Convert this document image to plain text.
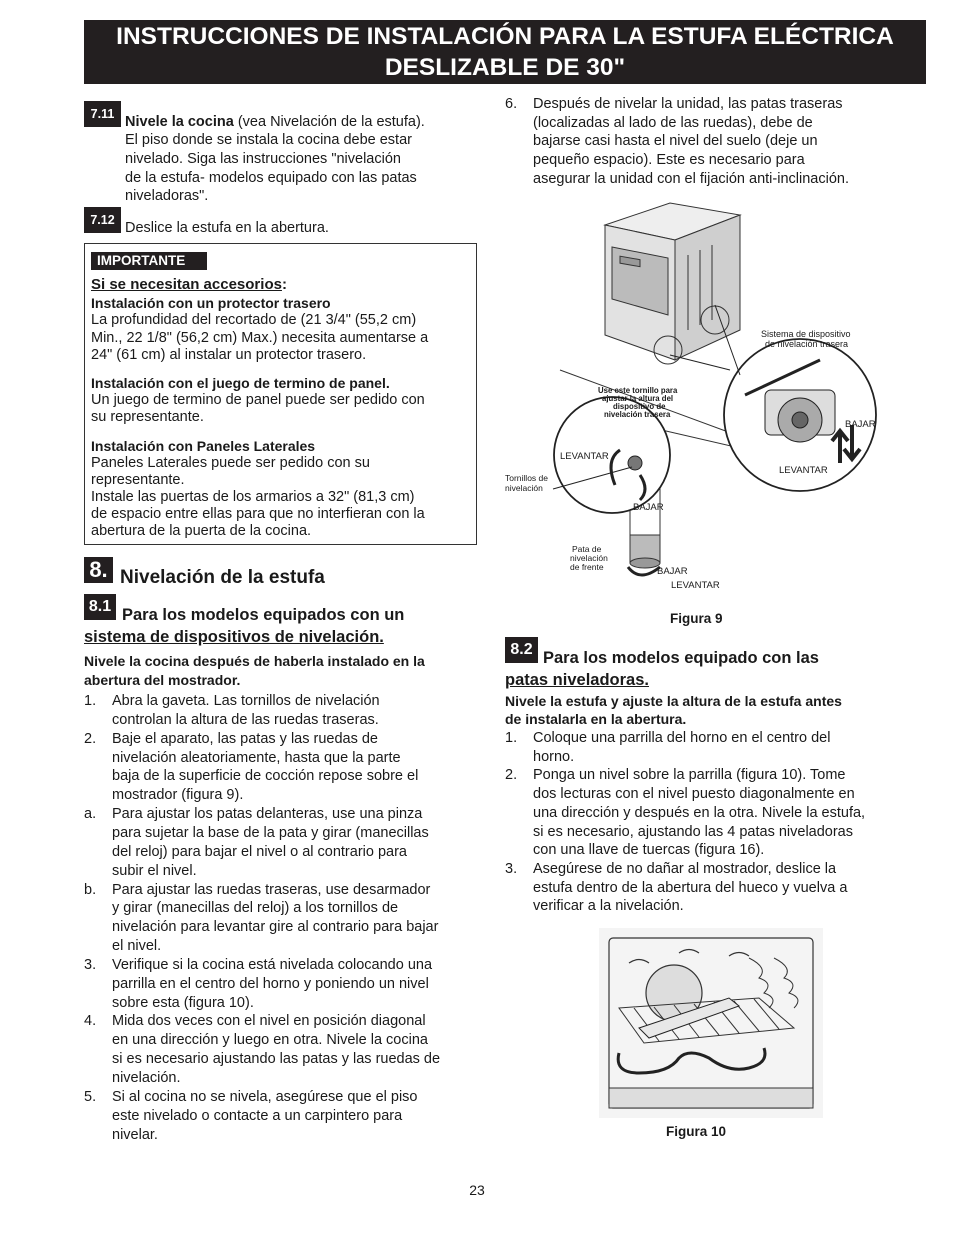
INSTRUCCIONES DE INSTALACIÓN PARA LA ESTUFA ELÉCTRICA
DESLIZABLE DE 30"
7.11 Nivele la cocina (vea Nivelación de la estufa).
El piso donde se instala la cocina debe estar
nivelado. Siga las instrucciones "nivelación
de la estufa- modelos equipado con las patas
niveladoras".
7.12 Deslice la estufa en la abertura.
IMPORTANTE
Si se necesitan accesorios:
Instalación con un protector trasero
La profundidad del recortado de (21 3/4" (55,2 cm)
Min., 22 1/8" (56,2 cm) Max.) necesita aumentarse a
24" (61 cm) al instalar un protector trasero.
Instalación con el juego de termino de panel.
Un juego de termino de panel puede ser pedido con
su representante.
Instalación con Paneles Laterales
Paneles Laterales puede ser pedido con su
representante.
Instale las puertas de los armarios a 32" (81,3 cm)
de espacio entre ellas para que no interfieran con la
abertura de la puerta de la cocina.
8. Nivelación de la estufa
8.1 Para los modelos equipados con un
sistema de dispositivos de nivelación.
Nivele la cocina después de haberla instalado en la
abertura del mostrador.
1. Abra la gaveta. Las tornillos de nivelación
controlan la altura de las ruedas traseras.
2. Baje el aparato, las patas y las ruedas de
nivelación aleatoriamente, hasta que la parte
baja de la superficie de cocción repose sobre el
mostrador (figura 9).
a. Para ajustar los patas delanteras, use una pinza
para sujetar la base de la pata y girar (manecillas
del reloj) para bajar el nivel o al contrario para
subir el nivel.
b. Para ajustar las ruedas traseras, use desarmador
y girar (manecillas del reloj) a los tornillos de
nivelación para levantar gire al contrario para bajar
el nivel.
3. Verifique si la cocina está nivelada colocando una
parrilla en el centro del horno y poniendo un nivel
sobre esta (figura 10).
4. Mida dos veces con el nivel en posición diagonal
en una dirección y luego en otra. Nivele la cocina
si es necesario ajustando las patas y las ruedas de
nivelación.
5. Si al cocina no se nivela, asegúrese que el piso
este nivelado o contacte a un carpintero para
nivelar.
6. Después de nivelar la unidad, las patas traseras
(localizadas al lado de las ruedas), debe de
bajarse casi hasta el nivel del suelo (deje un
pequeño espacio). Este es necesario para
asegurar la unidad con el fijación anti-inclinación.
Sistema de dispositivo
de nivelación trasera
BAJAR
LEVANTAR
Use este tornillo para
ajustar la altura del
dispositivo de
nivelación trasera
LEVANTAR
Tornillos de
nivelación
BAJAR
Pata de
nivelación
de frente	BAJAR
LEVANTAR
Figura 9
8.2 Para los modelos equipado con las
patas niveladoras.
Nivele la estufa y ajuste la altura de la estufa antes
de instalarla en la abertura.
1. Coloque una parrilla del horno en el centro del
horno.
2. Ponga un nivel sobre la parrilla (figura 10). Tome
dos lecturas con el nivel puesto diagonalmente en
una dirección y después en la otra. Nivele la estufa,
si es necesario, ajustando las 4 patas niveladoras
con una llave de tuercas (figura 16).
3. Asegúrese de no dañar al mostrador, deslice la
estufa dentro de la abertura del hueco y vuelva a
verificar a la nivelación.
Figura 10
23
